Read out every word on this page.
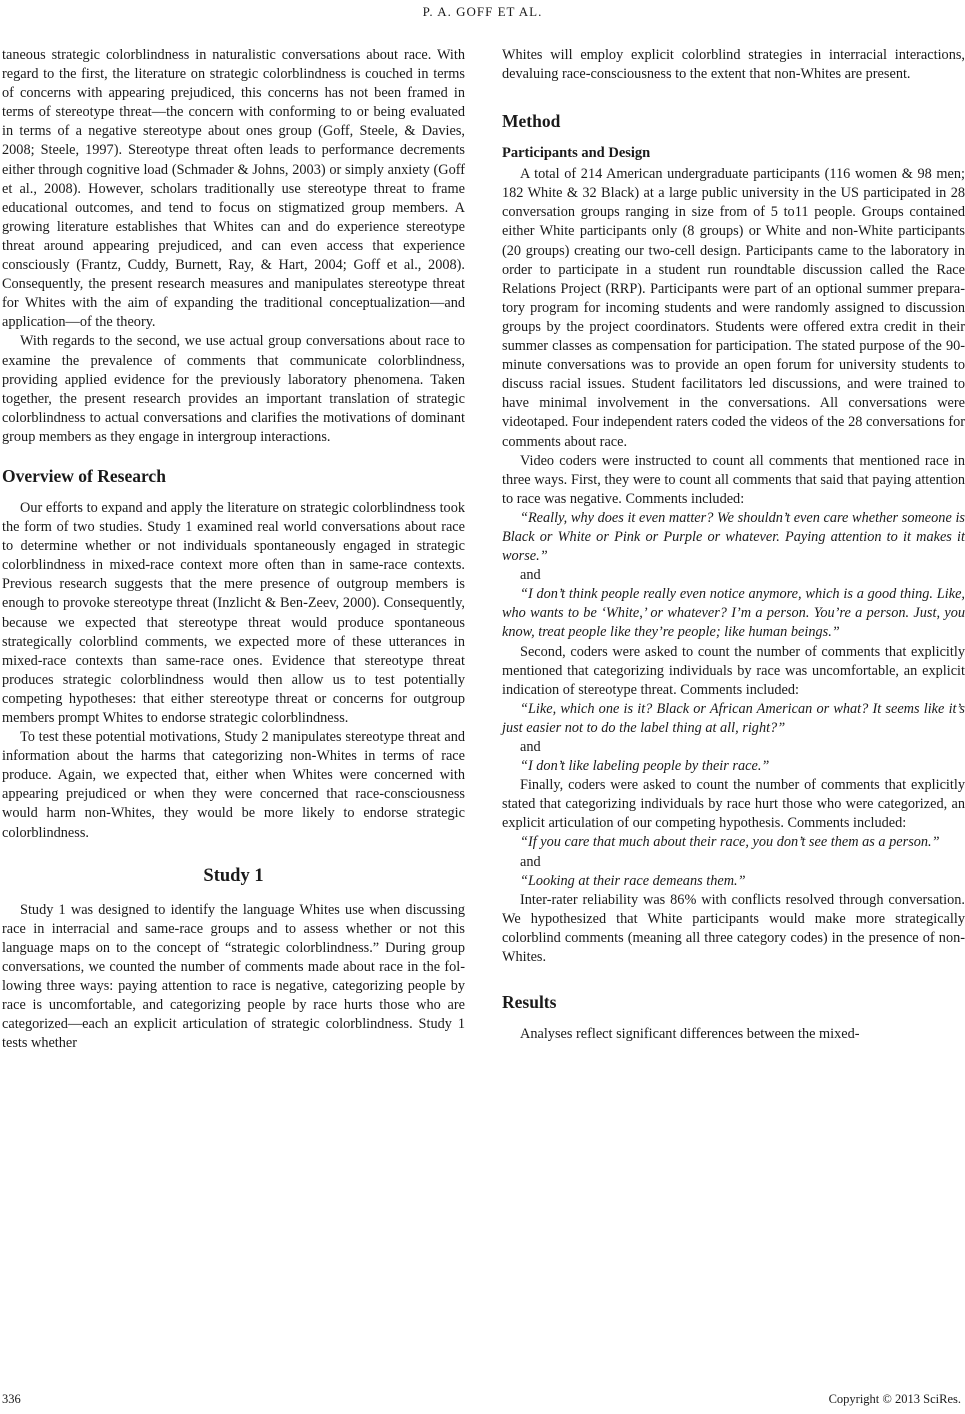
P. A. GOFF ET AL.

taneous strategic colorblindness in naturalistic conversations about race. With regard to the first, the literature on strategic colorblindness is couched in terms of concerns with appearing prejudiced, this concerns has not been framed in terms of stereotype threat—the concern with conforming to or being evaluated in terms of a negative stereotype about ones group (Goff, Steele, & Davies, 2008; Steele, 1997). Stereotype threat often leads to performance decrements either through cognitive load (Schmader & Johns, 2003) or simply anxiety (Goff et al., 2008). However, scholars traditionally use stereotype threat to frame educational outcomes, and tend to focus on stigmatized group members. A growing literature establishes that Whites can and do experience stereotype threat around appearing prejudiced, and can even access that experience consciously (Frantz, Cuddy, Burnett, Ray, & Hart, 2004; Goff et al., 2008). Consequently, the present research measures and manipulates stereotype threat for Whites with the aim of expanding the traditional conceptualization—and application—of the theory.

With regards to the second, we use actual group conversations about race to examine the prevalence of comments that communicate colorblindness, providing applied evidence for the previously laboratory phenomena. Taken together, the present research provides an important translation of strategic colorblindness to actual conversations and clarifies the motivations of dominant group members as they engage in intergroup interactions.

Overview of Research

Our efforts to expand and apply the literature on strategic colorblindness took the form of two studies. Study 1 examined real world conversations about race to determine whether or not individuals spontaneously engaged in strategic colorblindness in mixed-race context more often than in same-race contexts. Previous research suggests that the mere presence of outgroup members is enough to provoke stereotype threat (Inzlicht & Ben-Zeev, 2000). Consequently, because we expected that stereotype threat would produce spontaneous strategically colorblind comments, we expected more of these utterances in mixed-race contexts than same-race ones. Evidence that stereotype threat produces strategic colorblindness would then allow us to test potentially competing hypotheses: that either stereotype threat or concerns for outgroup members prompt Whites to endorse strategic colorblindness.

To test these potential motivations, Study 2 manipulates stereotype threat and information about the harms that categorizing non-Whites in terms of race produce. Again, we expected that, either when Whites were concerned with appearing prejudiced or when they were concerned that race-consciousness would harm non-Whites, they would be more likely to endorse strategic colorblindness.

Study 1

Study 1 was designed to identify the language Whites use when discussing race in interracial and same-race groups and to assess whether or not this language maps on to the concept of “strategic colorblindness.” During group conversations, we counted the number of comments made about race in the following three ways: paying attention to race is negative, categorizing people by race is uncomfortable, and categorizing people by race hurts those who are categorized—each an explicit articulation of strategic colorblindness. Study 1 tests whether

Whites will employ explicit colorblind strategies in interracial interactions, devaluing race-consciousness to the extent that non-Whites are present.

Method
Participants and Design

A total of 214 American undergraduate participants (116 women & 98 men; 182 White & 32 Black) at a large public university in the US participated in 28 conversation groups ranging in size from of 5 to11 people. Groups contained either White participants only (8 groups) or White and non-White participants (20 groups) creating our two-cell design. Participants came to the laboratory in order to participate in a student run roundtable discussion called the Race Relations Project (RRP). Participants were part of an optional summer preparatory program for incoming students and were randomly assigned to discussion groups by the project coordinators. Students were offered extra credit in their summer classes as compensation for participation. The stated purpose of the 90-minute conversations was to provide an open forum for university students to discuss racial issues. Student facilitators led discussions, and were trained to have minimal involvement in the conversations. All conversations were videotaped. Four independent raters coded the videos of the 28 conversations for comments about race.

Video coders were instructed to count all comments that mentioned race in three ways. First, they were to count all comments that said that paying attention to race was negative. Comments included:

“Really, why does it even matter? We shouldn’t even care whether someone is Black or White or Pink or Purple or whatever. Paying attention to it makes it worse.”

and

“I don’t think people really even notice anymore, which is a good thing. Like, who wants to be ‘White,’ or whatever? I’m a person. You’re a person. Just, you know, treat people like they’re people; like human beings.”

Second, coders were asked to count the number of comments that explicitly mentioned that categorizing individuals by race was uncomfortable, an explicit indication of stereotype threat. Comments included:

“Like, which one is it? Black or African American or what? It seems like it’s just easier not to do the label thing at all, right?”

and

“I don’t like labeling people by their race.”

Finally, coders were asked to count the number of comments that explicitly stated that categorizing individuals by race hurt those who were categorized, an explicit articulation of our competing hypothesis. Comments included:

“If you care that much about their race, you don’t see them as a person.”

and

“Looking at their race demeans them.”

Inter-rater reliability was 86% with conflicts resolved through conversation. We hypothesized that White participants would make more strategically colorblind comments (meaning all three category codes) in the presence of non-Whites.

Results

Analyses reflect significant differences between the mixed-

336	Copyright © 2013 SciRes.
